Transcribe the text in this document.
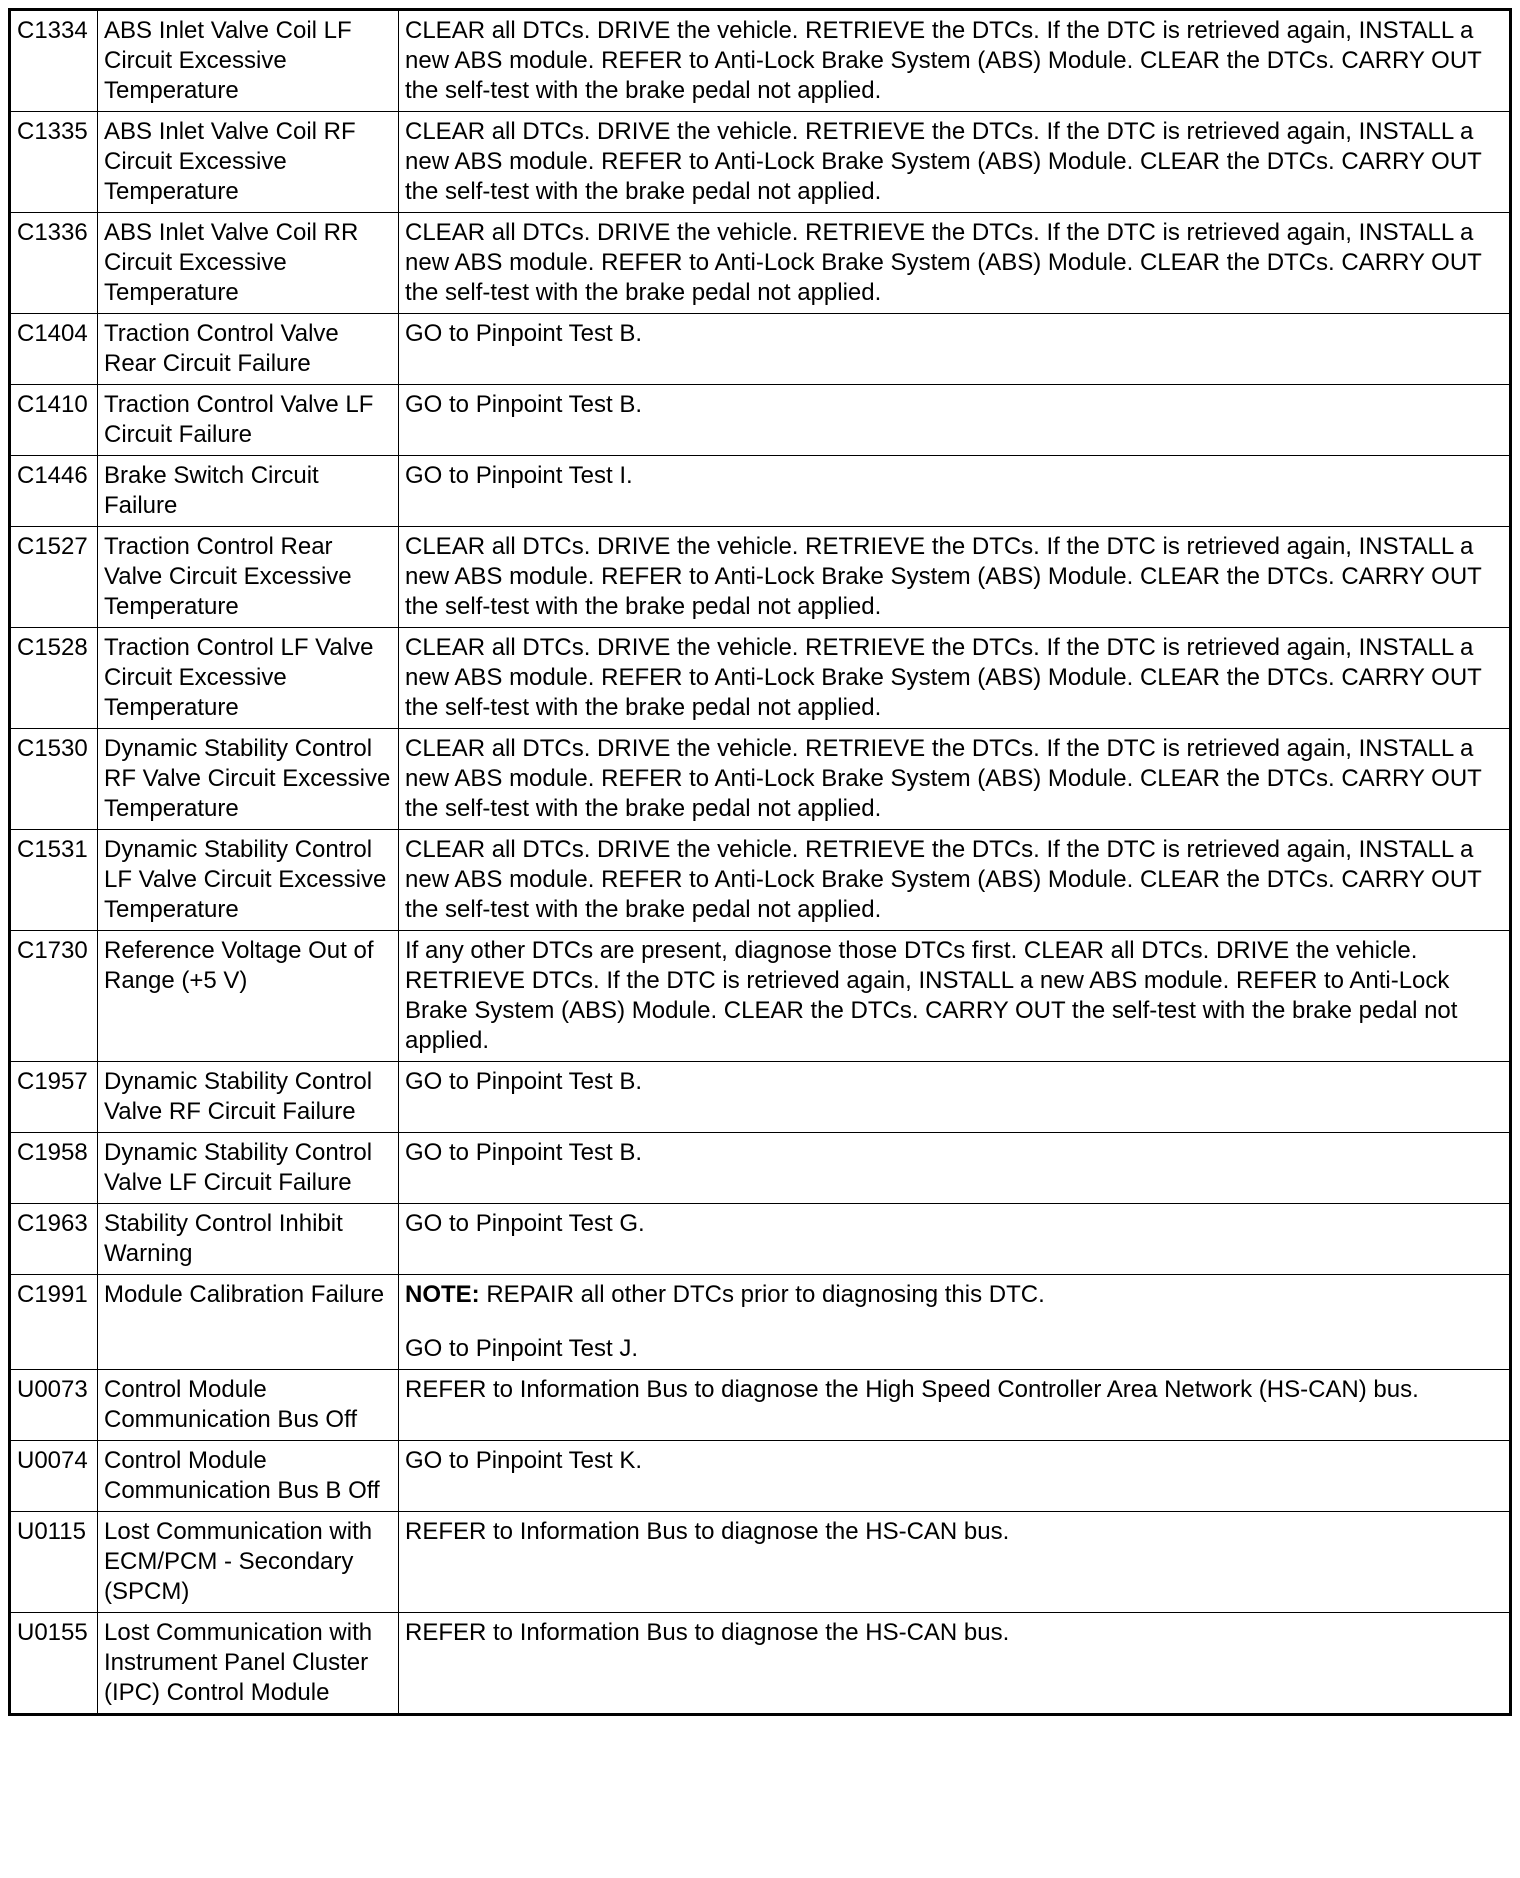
C1334	ABS Inlet Valve Coil LF Circuit Excessive Temperature	CLEAR all DTCs. DRIVE the vehicle. RETRIEVE the DTCs. If the DTC is retrieved again, INSTALL a new ABS module. REFER to Anti-Lock Brake System (ABS) Module. CLEAR the DTCs. CARRY OUT the self-test with the brake pedal not applied.
C1335	ABS Inlet Valve Coil RF Circuit Excessive Temperature	CLEAR all DTCs. DRIVE the vehicle. RETRIEVE the DTCs. If the DTC is retrieved again, INSTALL a new ABS module. REFER to Anti-Lock Brake System (ABS) Module. CLEAR the DTCs. CARRY OUT the self-test with the brake pedal not applied.
C1336	ABS Inlet Valve Coil RR Circuit Excessive Temperature	CLEAR all DTCs. DRIVE the vehicle. RETRIEVE the DTCs. If the DTC is retrieved again, INSTALL a new ABS module. REFER to Anti-Lock Brake System (ABS) Module. CLEAR the DTCs. CARRY OUT the self-test with the brake pedal not applied.
C1404	Traction Control Valve Rear Circuit Failure	GO to Pinpoint Test B.
C1410	Traction Control Valve LF Circuit Failure	GO to Pinpoint Test B.
C1446	Brake Switch Circuit Failure	GO to Pinpoint Test I.
C1527	Traction Control Rear Valve Circuit Excessive Temperature	CLEAR all DTCs. DRIVE the vehicle. RETRIEVE the DTCs. If the DTC is retrieved again, INSTALL a new ABS module. REFER to Anti-Lock Brake System (ABS) Module. CLEAR the DTCs. CARRY OUT the self-test with the brake pedal not applied.
C1528	Traction Control LF Valve Circuit Excessive Temperature	CLEAR all DTCs. DRIVE the vehicle. RETRIEVE the DTCs. If the DTC is retrieved again, INSTALL a new ABS module. REFER to Anti-Lock Brake System (ABS) Module. CLEAR the DTCs. CARRY OUT the self-test with the brake pedal not applied.
C1530	Dynamic Stability Control RF Valve Circuit Excessive Temperature	CLEAR all DTCs. DRIVE the vehicle. RETRIEVE the DTCs. If the DTC is retrieved again, INSTALL a new ABS module. REFER to Anti-Lock Brake System (ABS) Module. CLEAR the DTCs. CARRY OUT the self-test with the brake pedal not applied.
C1531	Dynamic Stability Control LF Valve Circuit Excessive Temperature	CLEAR all DTCs. DRIVE the vehicle. RETRIEVE the DTCs. If the DTC is retrieved again, INSTALL a new ABS module. REFER to Anti-Lock Brake System (ABS) Module. CLEAR the DTCs. CARRY OUT the self-test with the brake pedal not applied.
C1730	Reference Voltage Out of Range (+5 V)	If any other DTCs are present, diagnose those DTCs first. CLEAR all DTCs. DRIVE the vehicle. RETRIEVE DTCs. If the DTC is retrieved again, INSTALL a new ABS module. REFER to Anti-Lock Brake System (ABS) Module. CLEAR the DTCs. CARRY OUT the self-test with the brake pedal not applied.
C1957	Dynamic Stability Control Valve RF Circuit Failure	GO to Pinpoint Test B.
C1958	Dynamic Stability Control Valve LF Circuit Failure	GO to Pinpoint Test B.
C1963	Stability Control Inhibit Warning	GO to Pinpoint Test G.
C1991	Module Calibration Failure	NOTE: REPAIR all other DTCs prior to diagnosing this DTC.

GO to Pinpoint Test J.

U0073	Control Module Communication Bus Off	REFER to Information Bus to diagnose the High Speed Controller Area Network (HS-CAN) bus.
U0074	Control Module Communication Bus B Off	GO to Pinpoint Test K.
U0115	Lost Communication with ECM/PCM - Secondary (SPCM)	REFER to Information Bus to diagnose the HS-CAN bus.
U0155	Lost Communication with Instrument Panel Cluster (IPC) Control Module	REFER to Information Bus to diagnose the HS-CAN bus.
